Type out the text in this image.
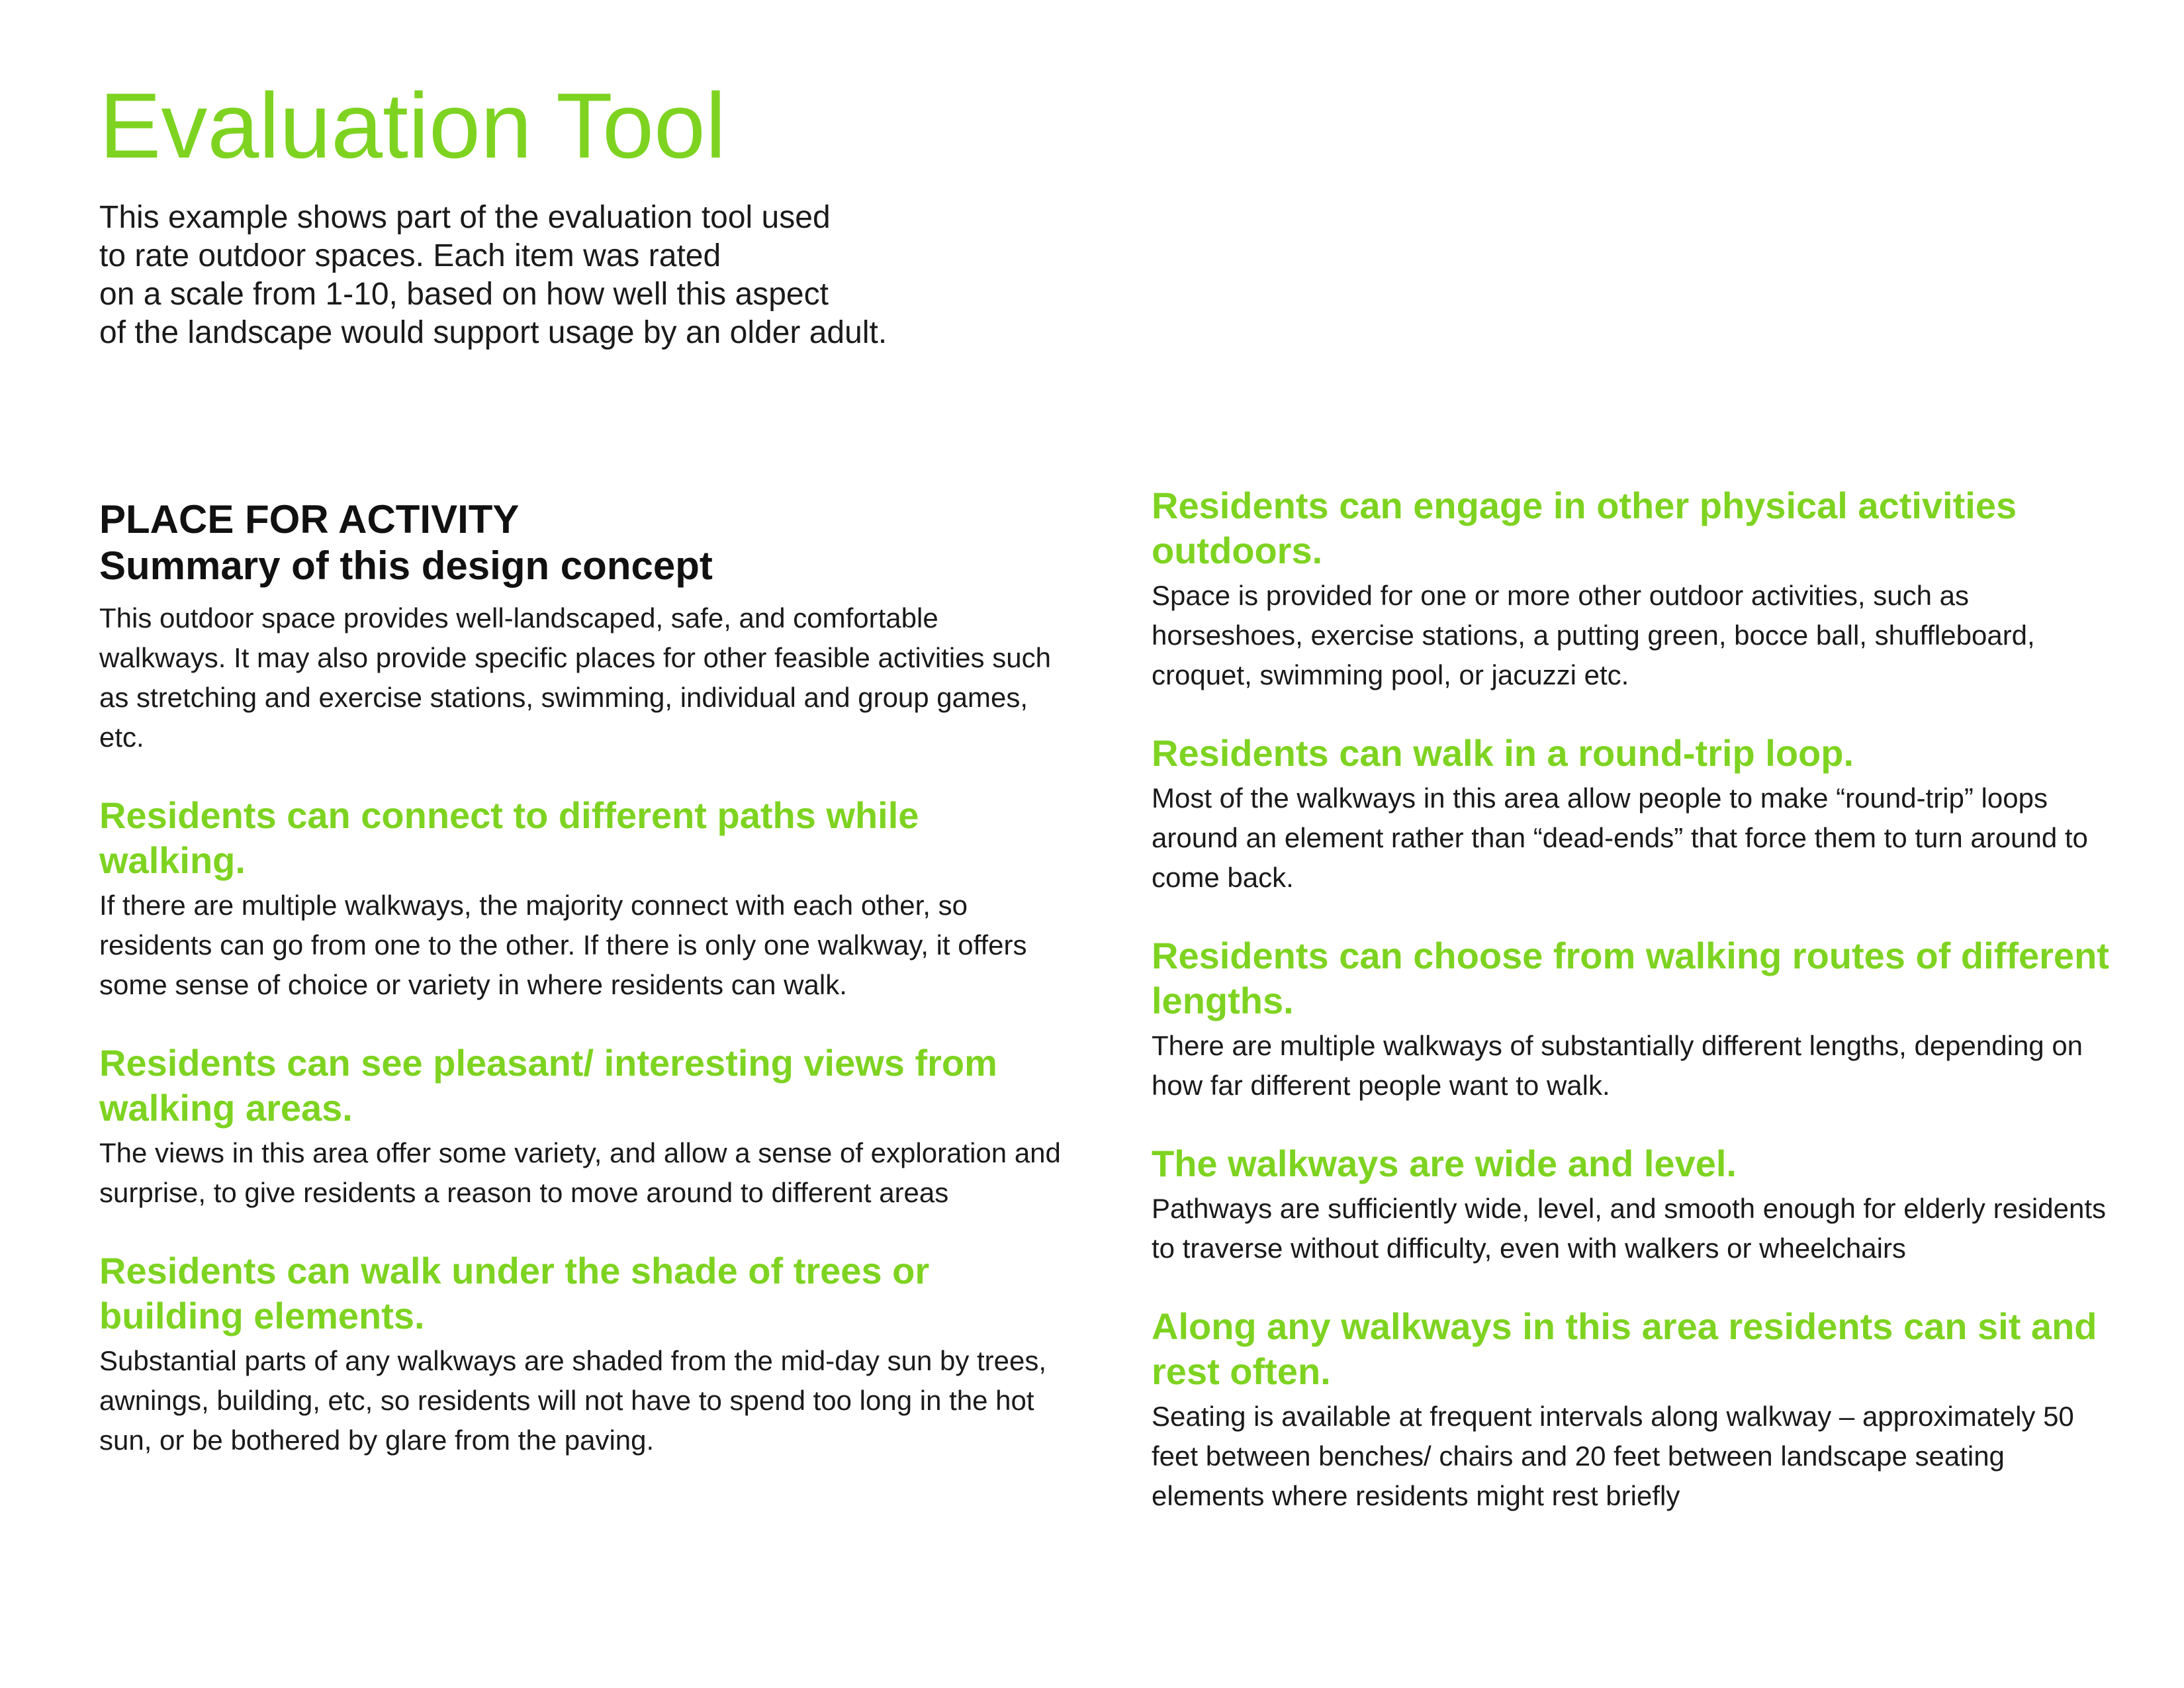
Evaluation Tool
This example shows part of the evaluation tool used
to rate outdoor spaces. Each item was rated
on a scale from 1-10, based on how well this aspect
of the landscape would support usage by an older adult.
PLACE FOR ACTIVITY
Summary of this design concept

This outdoor space provides well-landscaped, safe, and comfortable walkways. It may also provide specific places for other feasible activities such as stretching and exercise stations, swimming, individual and group games, etc.

Residents can connect to different paths while walking.

If there are multiple walkways, the majority connect with each other, so residents can go from one to the other. If there is only one walkway, it offers some sense of choice or variety in where residents can walk.

Residents can see pleasant/ interesting views from walking areas.

The views in this area offer some variety, and allow a sense of exploration and surprise, to give residents a reason to move around to different areas

Residents can walk under the shade of trees or building elements.

Substantial parts of any walkways are shaded from the mid-day sun by trees, awnings, building, etc, so residents will not have to spend too long in the hot sun, or be bothered by glare from the paving.

Residents can engage in other physical activities outdoors.

Space is provided for one or more other outdoor activities, such as horseshoes, exercise stations, a putting green, bocce ball, shuffleboard, croquet, swimming pool, or jacuzzi etc.

Residents can walk in a round-trip loop.

Most of the walkways in this area allow people to make “round-trip” loops around an element rather than “dead-ends” that force them to turn around to come back.

Residents can choose from walking routes of different lengths.

There are multiple walkways of substantially different lengths, depending on how far different people want to walk.

The walkways are wide and level.

Pathways are sufficiently wide, level, and smooth enough for elderly residents to traverse without difficulty, even with walkers or wheelchairs

Along any walkways in this area residents can sit and rest often.

Seating is available at frequent intervals along walkway – approximately 50 feet between benches/ chairs and 20 feet between landscape seating elements where residents might rest briefly
